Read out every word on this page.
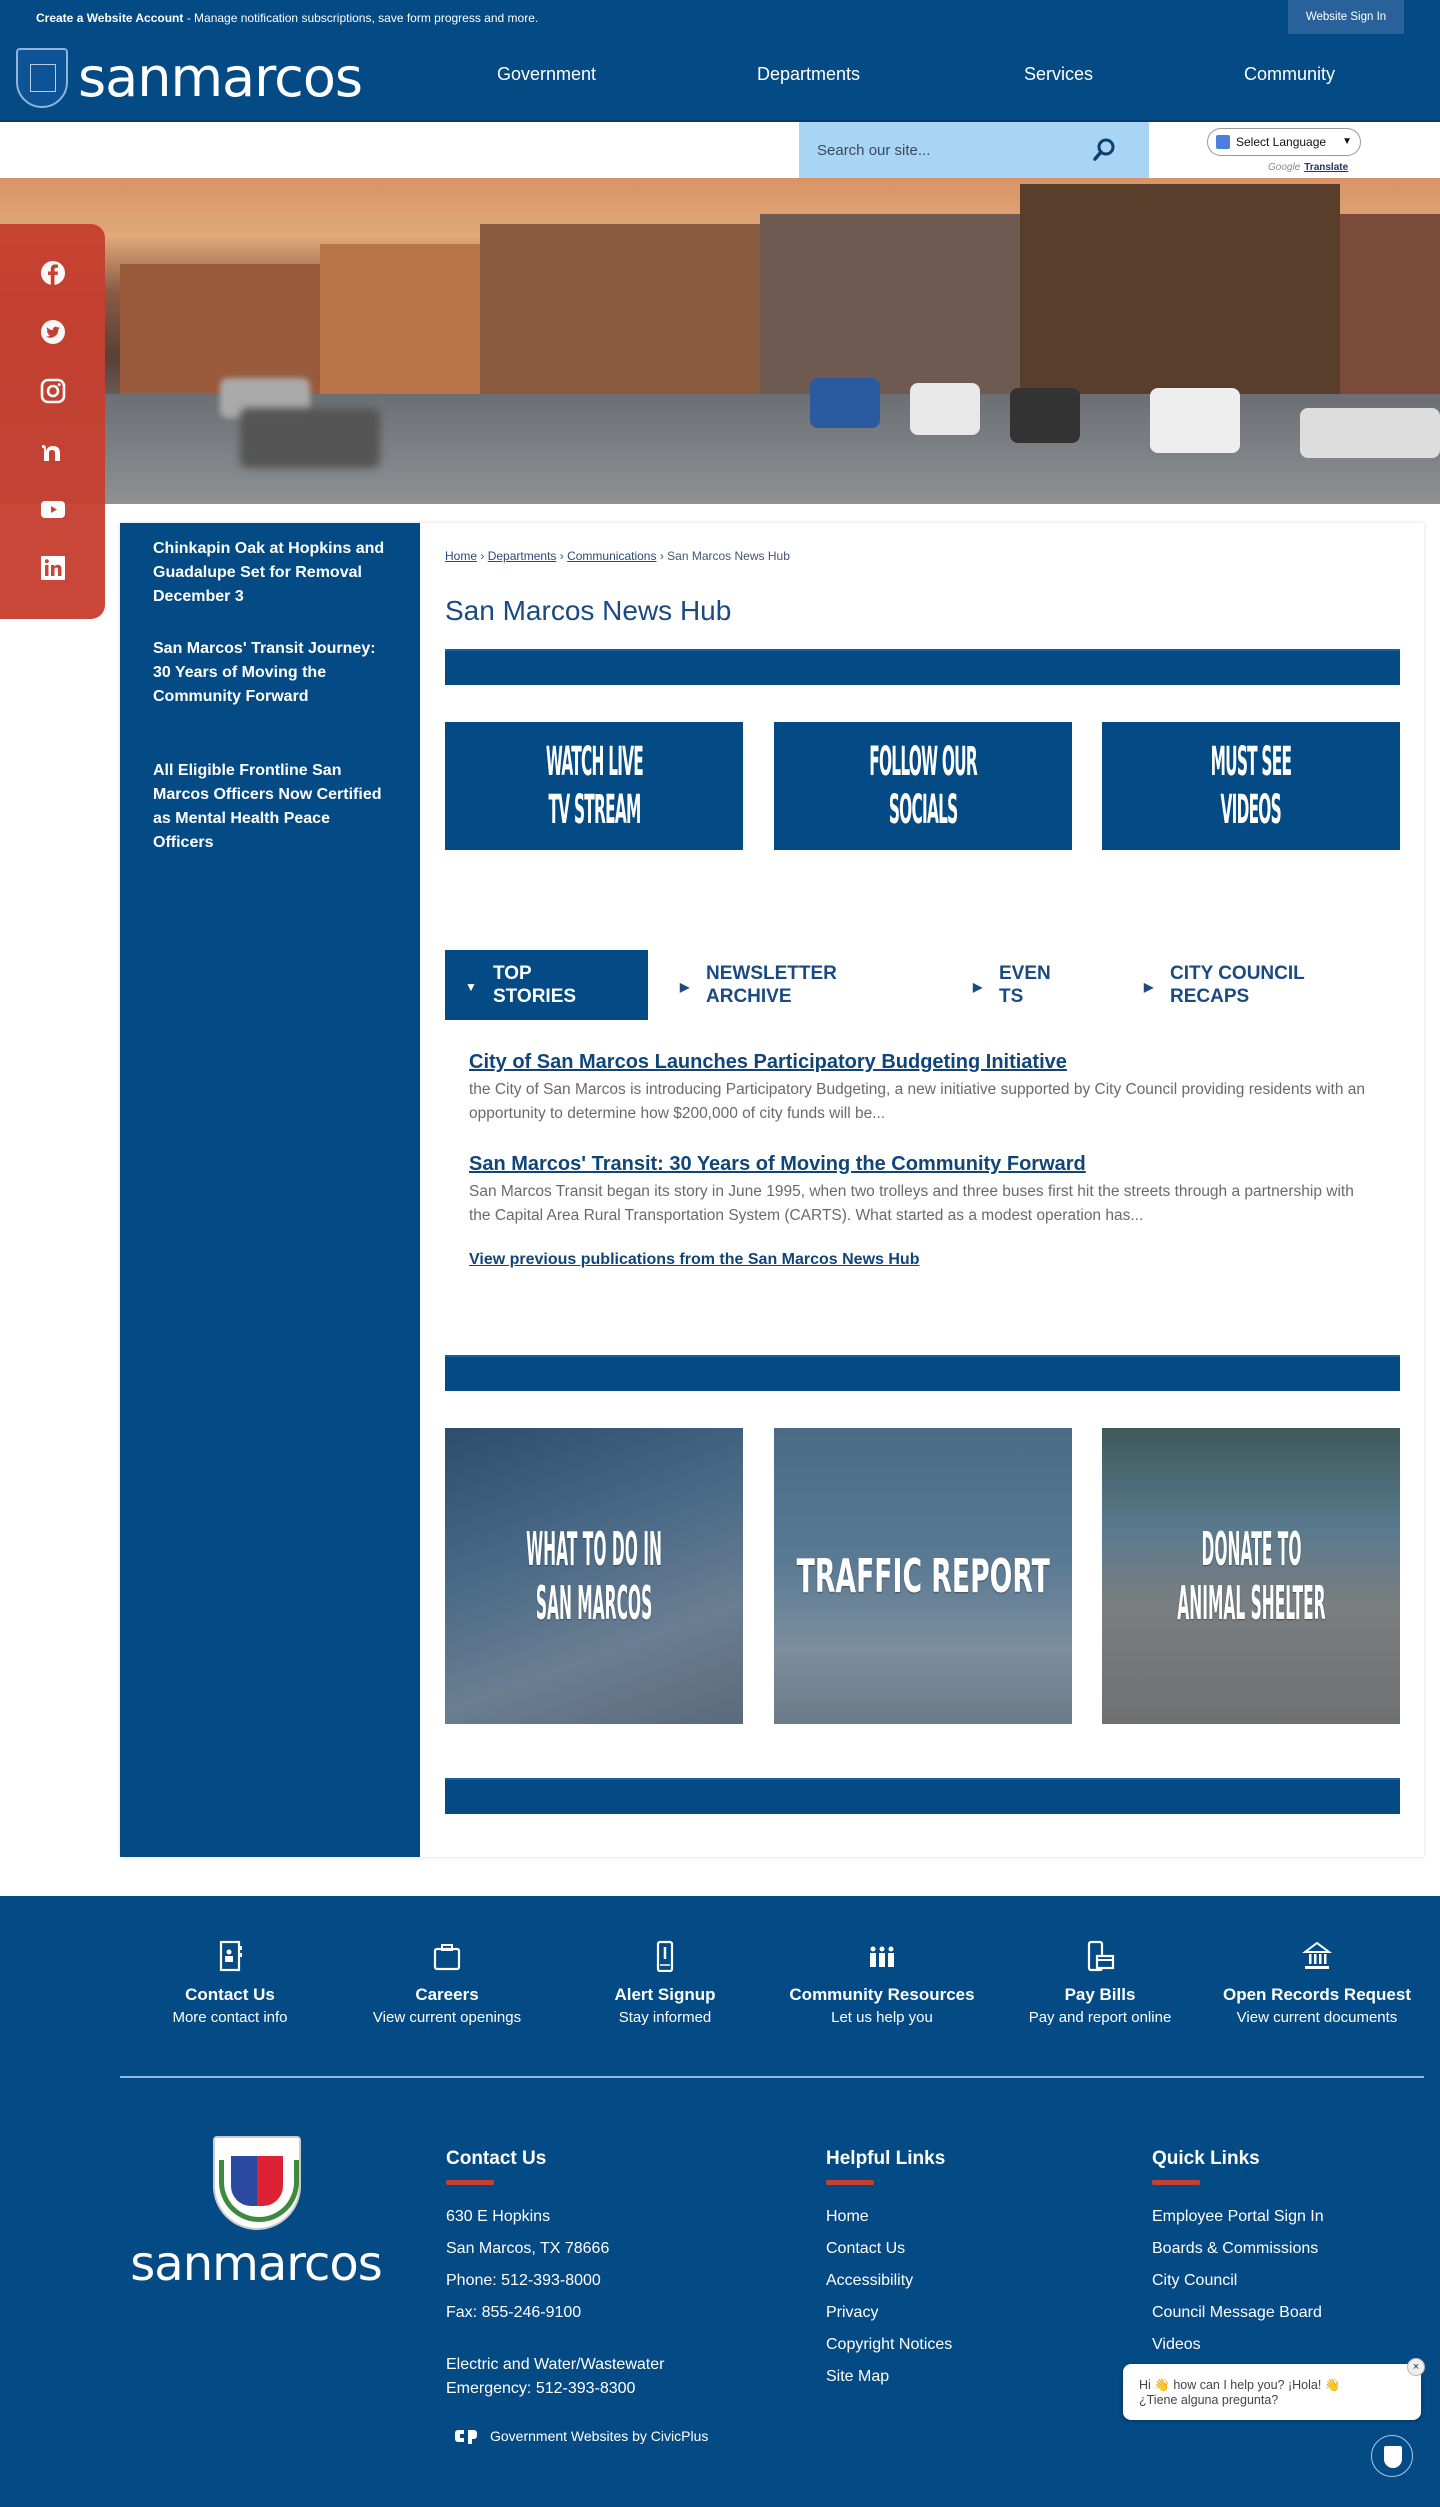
Create a Website Account - Manage notification subscriptions, save form progress and more.	Website Sign In
sanmarcos	Government	Departments	Services	Community
Search our site...
Select Language ▼
Google Translate
Chinkapin Oak at Hopkins and Guadalupe Set for Removal December 3
San Marcos' Transit Journey: 30 Years of Moving the Community Forward
All Eligible Frontline San Marcos Officers Now Certified as Mental Health Peace Officers
Home › Departments › Communications › San Marcos News Hub
San Marcos News Hub
WATCH LIVE
TV STREAM
FOLLOW OUR
SOCIALS
MUST SEE
VIDEOS
▼
TOP
STORIES	▶
NEWSLETTER
ARCHIVE	▶
EVEN
TS	▶
CITY COUNCIL
RECAPS
City of San Marcos Launches Participatory Budgeting Initiative

the City of San Marcos is introducing Participatory Budgeting, a new initiative supported by City Council providing residents with an opportunity to determine how $200,000 of city funds will be...

San Marcos' Transit: 30 Years of Moving the Community Forward

San Marcos Transit began its story in June 1995, when two trolleys and three buses first hit the streets through a partnership with the Capital Area Rural Transportation System (CARTS). What started as a modest operation has...

View previous publications from the San Marcos News Hub
WHAT TO DO IN
SAN MARCOS	TRAFFIC REPORT	DONATE TO
ANIMAL SHELTER
Contact Us
More contact info
Careers
View current openings
Alert Signup
Stay informed
Community Resources
Let us help you
Pay Bills
Pay and report online
Open Records Request
View current documents
sanmarcos
Contact Us
630 E Hopkins
San Marcos, TX 78666
Phone: 512-393-8000
Fax: 855-246-9100
Electric and Water/Wastewater
Emergency: 512-393-8300
Government Websites by CivicPlus
Helpful Links
Home
Contact Us
Accessibility
Privacy
Copyright Notices
Site Map
Quick Links
Employee Portal Sign In
Boards & Commissions
City Council
Council Message Board
Videos
Hi 👋 how can I help you? ¡Hola! 👋
¿Tiene alguna pregunta?
×
